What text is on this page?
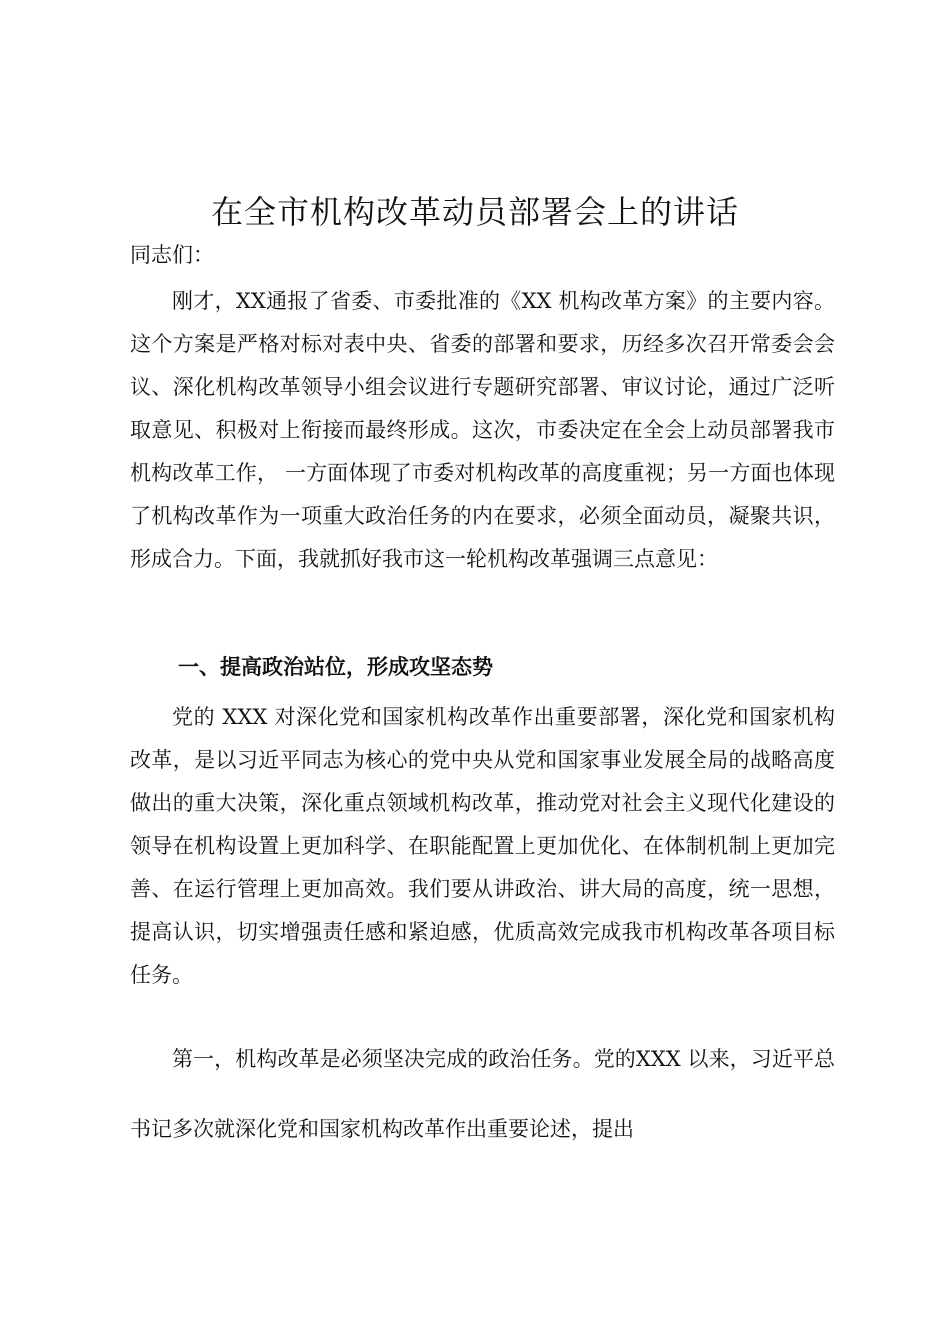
在全市机构改革动员部署会上的讲话
同志们：
刚才，XX通报了省委、市委批准的《XX 机构改革方案》的主要内容。这个方案是严格对标对表中央、省委的部署和要求，历经多次召开常委会会议、深化机构改革领导小组会议进行专题研究部署、审议讨论，通过广泛听取意见、积极对上衔接而最终形成。这次，市委决定在全会上动员部署我市机构改革工作， 一方面体现了市委对机构改革的高度重视；另一方面也体现了机构改革作为一项重大政治任务的内在要求，必须全面动员，凝聚共识，形成合力。下面，我就抓好我市这一轮机构改革强调三点意见：
一、提高政治站位，形成攻坚态势
党的 XXX 对深化党和国家机构改革作出重要部署，深化党和国家机构改革，是以习近平同志为核心的党中央从党和国家事业发展全局的战略高度做出的重大决策，深化重点领域机构改革，推动党对社会主义现代化建设的领导在机构设置上更加科学、在职能配置上更加优化、在体制机制上更加完善、在运行管理上更加高效。我们要从讲政治、讲大局的高度，统一思想，提高认识，切实增强责任感和紧迫感，优质高效完成我市机构改革各项目标任务。
第一，机构改革是必须坚决完成的政治任务。党的XXX 以来，习近平总书记多次就深化党和国家机构改革作出重要论述，提出
